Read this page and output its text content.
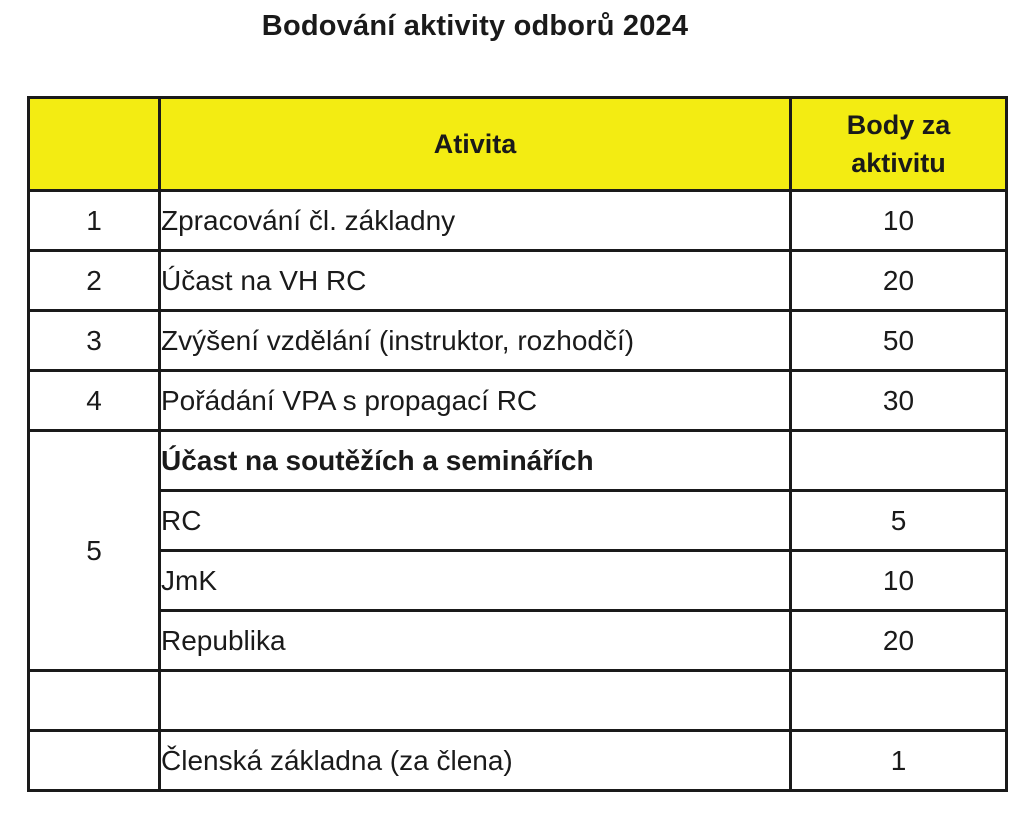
Bodování aktivity odborů 2024
	Ativita	Body za
aktivitu
1	Zpracování čl. základny	10
2	Účast na VH RC	20
3	Zvýšení vzdělání (instruktor, rozhodčí)	50
4	Pořádání VPA s propagací RC	30
5	Účast na soutěžích a seminářích	
	RC	5
	JmK	10
	Republika	20

	Členská základna (za člena)	1
